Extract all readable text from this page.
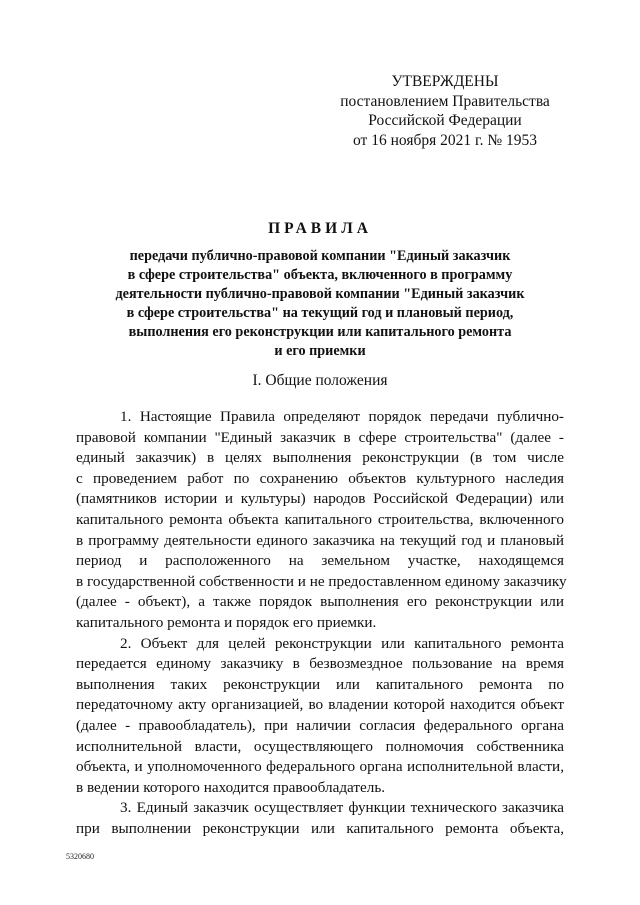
УТВЕРЖДЕНЫ
постановлением Правительства
Российской Федерации
от 16 ноября 2021 г. № 1953
ПРАВИЛА
передачи публично-правовой компании "Единый заказчик
в сфере строительства" объекта, включенного в программу
деятельности публично-правовой компании "Единый заказчик
в сфере строительства" на текущий год и плановый период,
выполнения его реконструкции или капитального ремонта
и его приемки
I. Общие положения
1. Настоящие Правила определяют порядок передачи публично-
правовой компании "Единый заказчик в сфере строительства" (далее -
единый заказчик) в целях выполнения реконструкции (в том числе
с проведением работ по сохранению объектов культурного наследия
(памятников истории и культуры) народов Российской Федерации) или
капитального ремонта объекта капитального строительства, включенного
в программу деятельности единого заказчика на текущий год и плановый
период и расположенного на земельном участке, находящемся
в государственной собственности и не предоставленном единому заказчику
(далее - объект), а также порядок выполнения его реконструкции или
капитального ремонта и порядок его приемки.
2. Объект для целей реконструкции или капитального ремонта
передается единому заказчику в безвозмездное пользование на время
выполнения таких реконструкции или капитального ремонта по
передаточному акту организацией, во владении которой находится объект
(далее - правообладатель), при наличии согласия федерального органа
исполнительной власти, осуществляющего полномочия собственника
объекта, и уполномоченного федерального органа исполнительной власти,
в ведении которого находится правообладатель.
3. Единый заказчик осуществляет функции технического заказчика
при выполнении реконструкции или капитального ремонта объекта,
5320680
